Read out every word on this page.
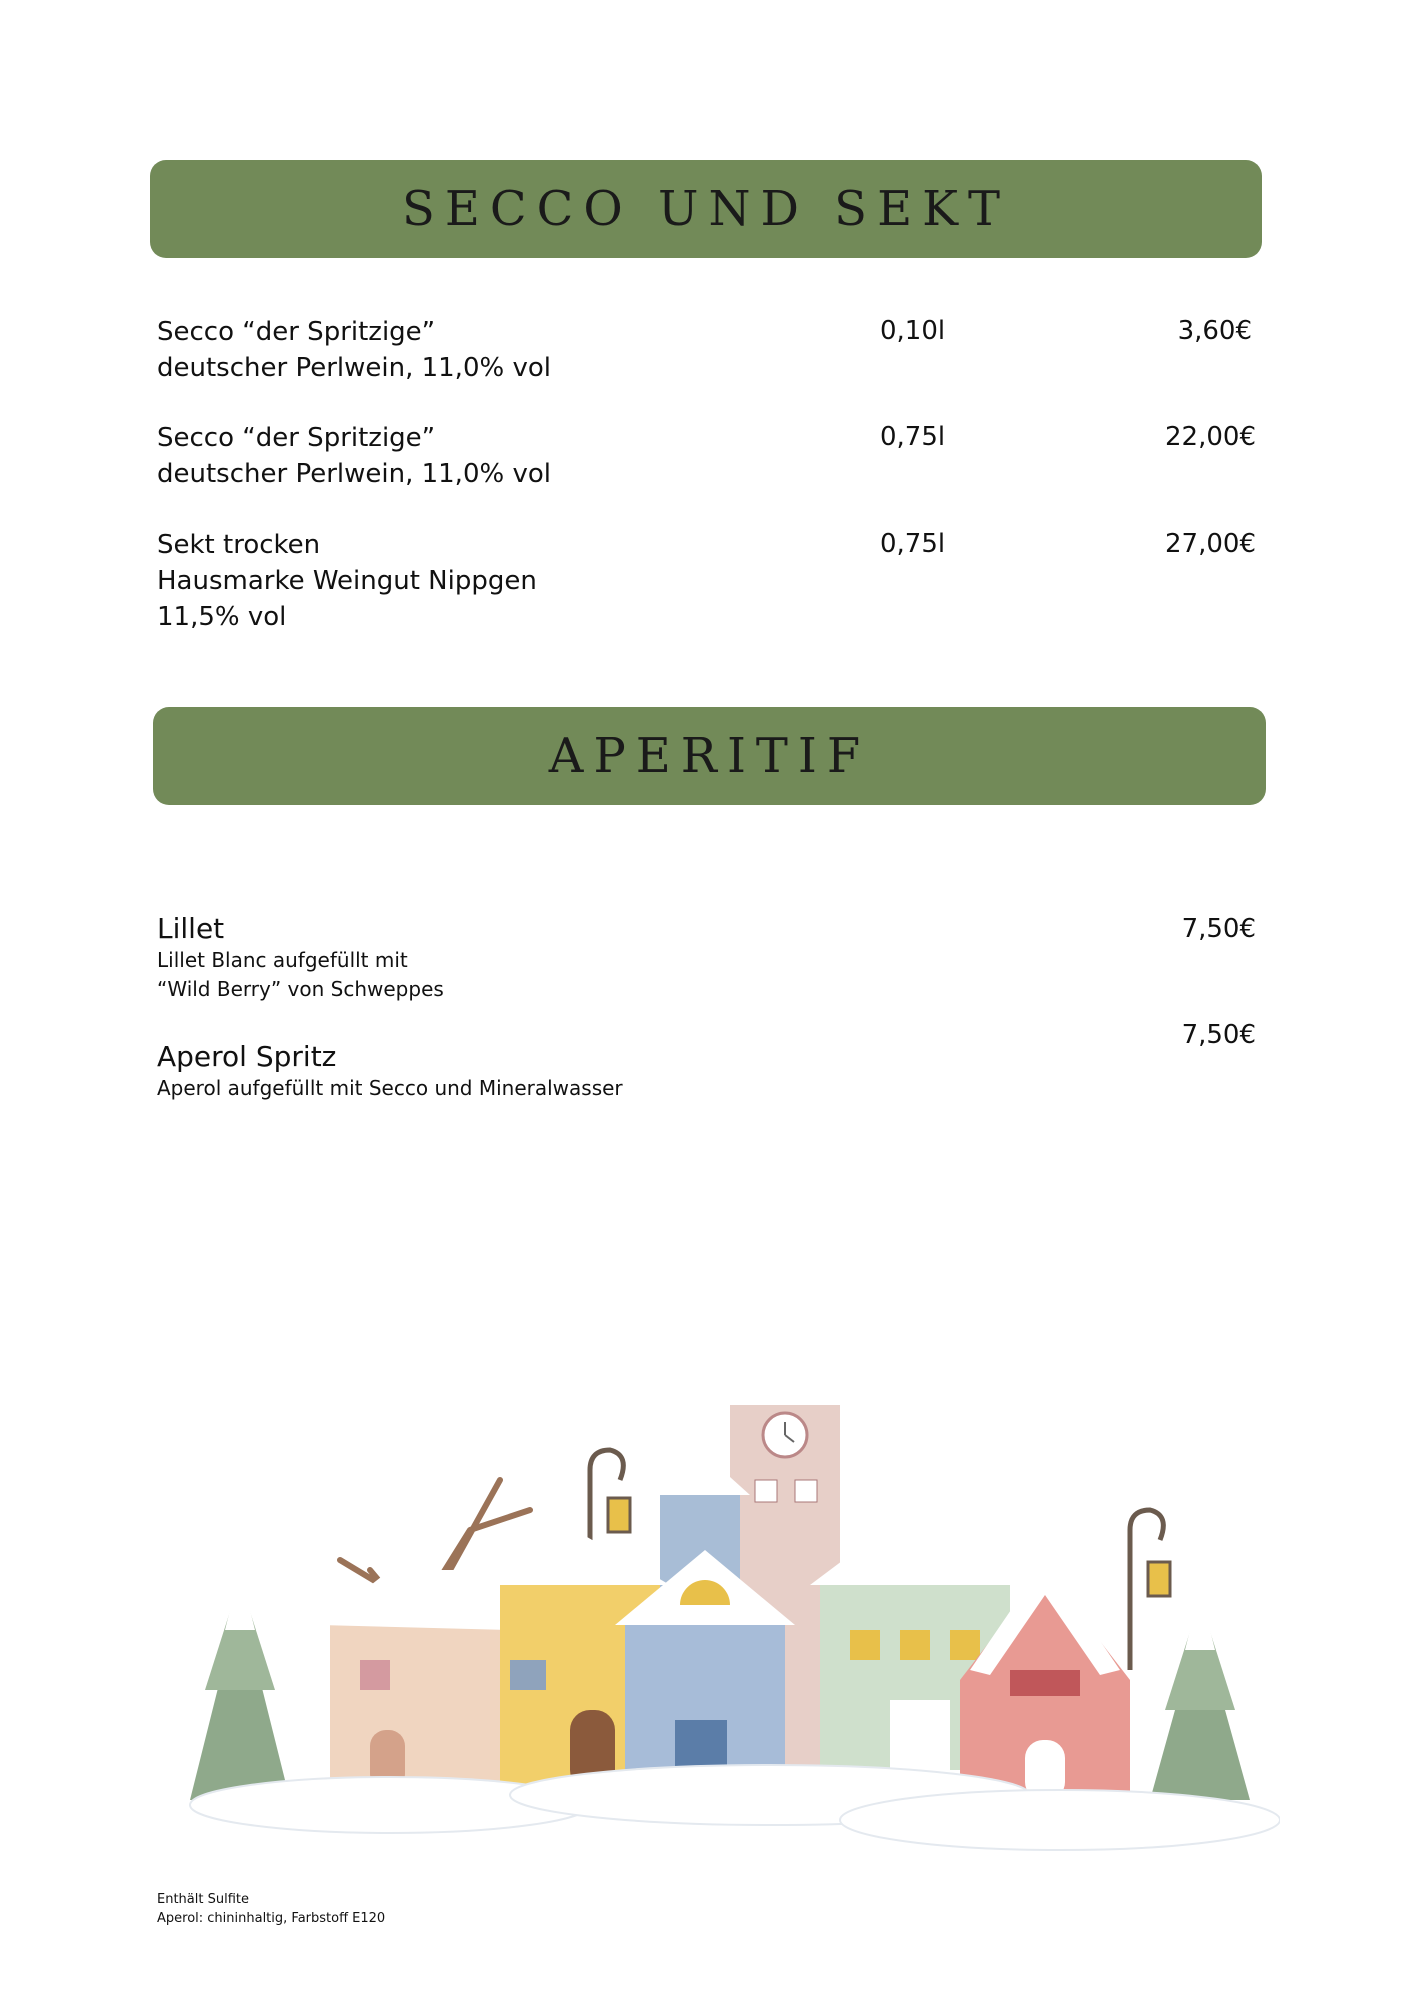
SECCO UND SEKT
Secco “der Spritzige”
deutscher Perlwein, 11,0% vol
0,10l	3,60€
Secco “der Spritzige”
deutscher Perlwein, 11,0% vol
0,75l	22,00€
Sekt trocken
Hausmarke Weingut Nippgen
11,5% vol
0,75l	27,00€
APERITIF
Lillet
Lillet Blanc aufgefüllt mit
“Wild Berry” von Schweppes
7,50€
Aperol Spritz
Aperol aufgefüllt mit Secco und Mineralwasser
7,50€
Enthält Sulfite
Aperol: chininhaltig, Farbstoff E120
